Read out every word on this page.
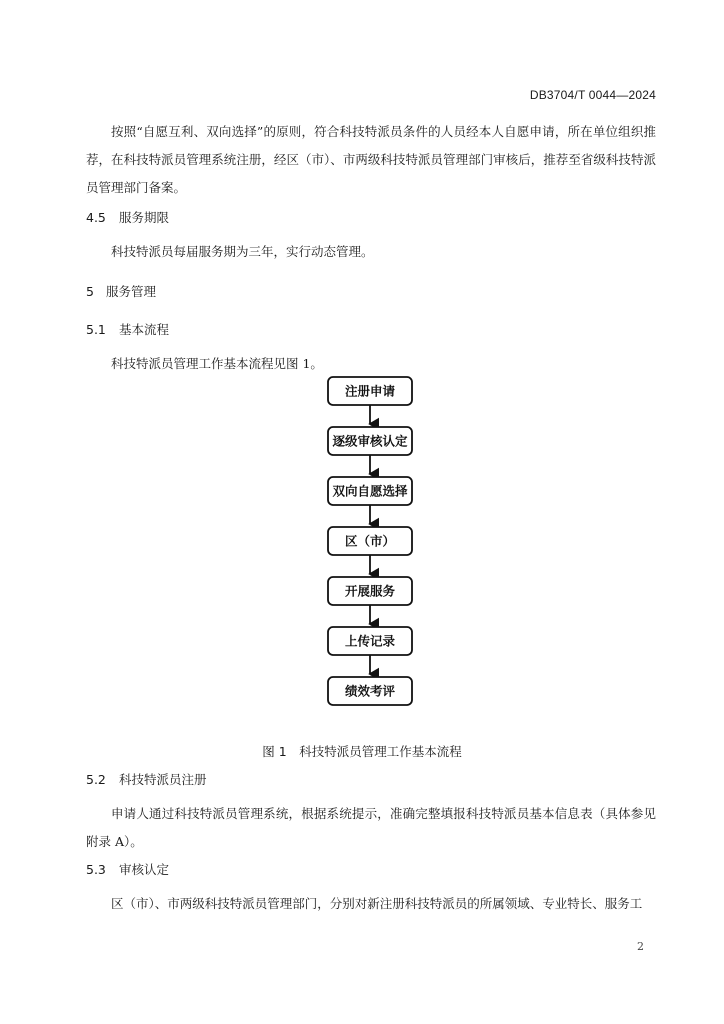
DB3704/T 0044—2024
按照“自愿互利、双向选择”的原则，符合科技特派员条件的人员经本人自愿申请，所在单位组织推荐，在科技特派员管理系统注册，经区（市）、市两级科技特派员管理部门审核后，推荐至省级科技特派员管理部门备案。
4.5 服务期限
科技特派员每届服务期为三年，实行动态管理。
5 服务管理
5.1 基本流程
科技特派员管理工作基本流程见图 1。
注册申请
逐级审核认定
双向自愿选择
区（市）
开展服务
上传记录
绩效考评
图 1　科技特派员管理工作基本流程
5.2 科技特派员注册
申请人通过科技特派员管理系统，根据系统提示，准确完整填报科技特派员基本信息表（具体参见附录 A）。
5.3 审核认定
区（市）、市两级科技特派员管理部门，分别对新注册科技特派员的所属领域、专业特长、服务工
2
